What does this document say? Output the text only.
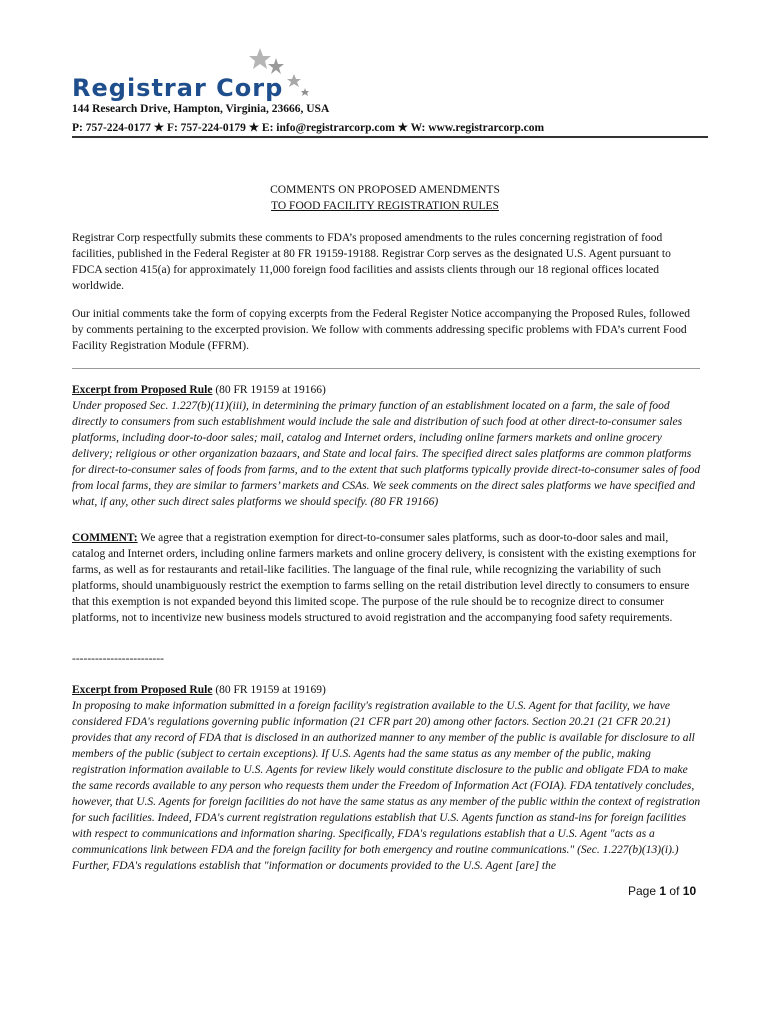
Registrar Corp
144 Research Drive, Hampton, Virginia, 23666, USA
P: 757-224-0177 ★ F: 757-224-0179 ★ E: info@registrarcorp.com ★ W: www.registrarcorp.com
COMMENTS ON PROPOSED AMENDMENTS
TO FOOD FACILITY REGISTRATION RULES

Registrar Corp respectfully submits these comments to FDA’s proposed amendments to the rules concerning registration of food facilities, published in the Federal Register at 80 FR 19159-19188. Registrar Corp serves as the designated U.S. Agent pursuant to FDCA section 415(a) for approximately 11,000 foreign food facilities and assists clients through our 18 regional offices located worldwide.

Our initial comments take the form of copying excerpts from the Federal Register Notice accompanying the Proposed Rules, followed by comments pertaining to the excerpted provision. We follow with comments addressing specific problems with FDA’s current Food Facility Registration Module (FFRM).

Excerpt from Proposed Rule (80 FR 19159 at 19166)
Under proposed Sec. 1.227(b)(11)(iii), in determining the primary function of an establishment located on a farm, the sale of food directly to consumers from such establishment would include the sale and distribution of such food at other direct-to-consumer sales platforms, including door-to-door sales; mail, catalog and Internet orders, including online farmers markets and online grocery delivery; religious or other organization bazaars, and State and local fairs. The specified direct sales platforms are common platforms for direct-to-consumer sales of foods from farms, and to the extent that such platforms typically provide direct-to-consumer sales of food from local farms, they are similar to farmers’ markets and CSAs. We seek comments on the direct sales platforms we have specified and what, if any, other such direct sales platforms we should specify. (80 FR 19166)

COMMENT: We agree that a registration exemption for direct-to-consumer sales platforms, such as door-to-door sales and mail, catalog and Internet orders, including online farmers markets and online grocery delivery, is consistent with the existing exemptions for farms, as well as for restaurants and retail-like facilities. The language of the final rule, while recognizing the variability of such platforms, should unambiguously restrict the exemption to farms selling on the retail distribution level directly to consumers to ensure that this exemption is not expanded beyond this limited scope. The purpose of the rule should be to recognize direct to consumer platforms, not to incentivize new business models structured to avoid registration and the accompanying food safety requirements.

------------------------

Excerpt from Proposed Rule (80 FR 19159 at 19169)
In proposing to make information submitted in a foreign facility's registration available to the U.S. Agent for that facility, we have considered FDA's regulations governing public information (21 CFR part 20) among other factors. Section 20.21 (21 CFR 20.21) provides that any record of FDA that is disclosed in an authorized manner to any member of the public is available for disclosure to all members of the public (subject to certain exceptions). If U.S. Agents had the same status as any member of the public, making registration information available to U.S. Agents for review likely would constitute disclosure to the public and obligate FDA to make the same records available to any person who requests them under the Freedom of Information Act (FOIA). FDA tentatively concludes, however, that U.S. Agents for foreign facilities do not have the same status as any member of the public within the context of registration for such facilities. Indeed, FDA's current registration regulations establish that U.S. Agents function as stand-ins for foreign facilities with respect to communications and information sharing. Specifically, FDA's regulations establish that a U.S. Agent "acts as a communications link between FDA and the foreign facility for both emergency and routine communications." (Sec. 1.227(b)(13)(i).) Further, FDA's regulations establish that "information or documents provided to the U.S. Agent [are] the

Page 1 of 10
